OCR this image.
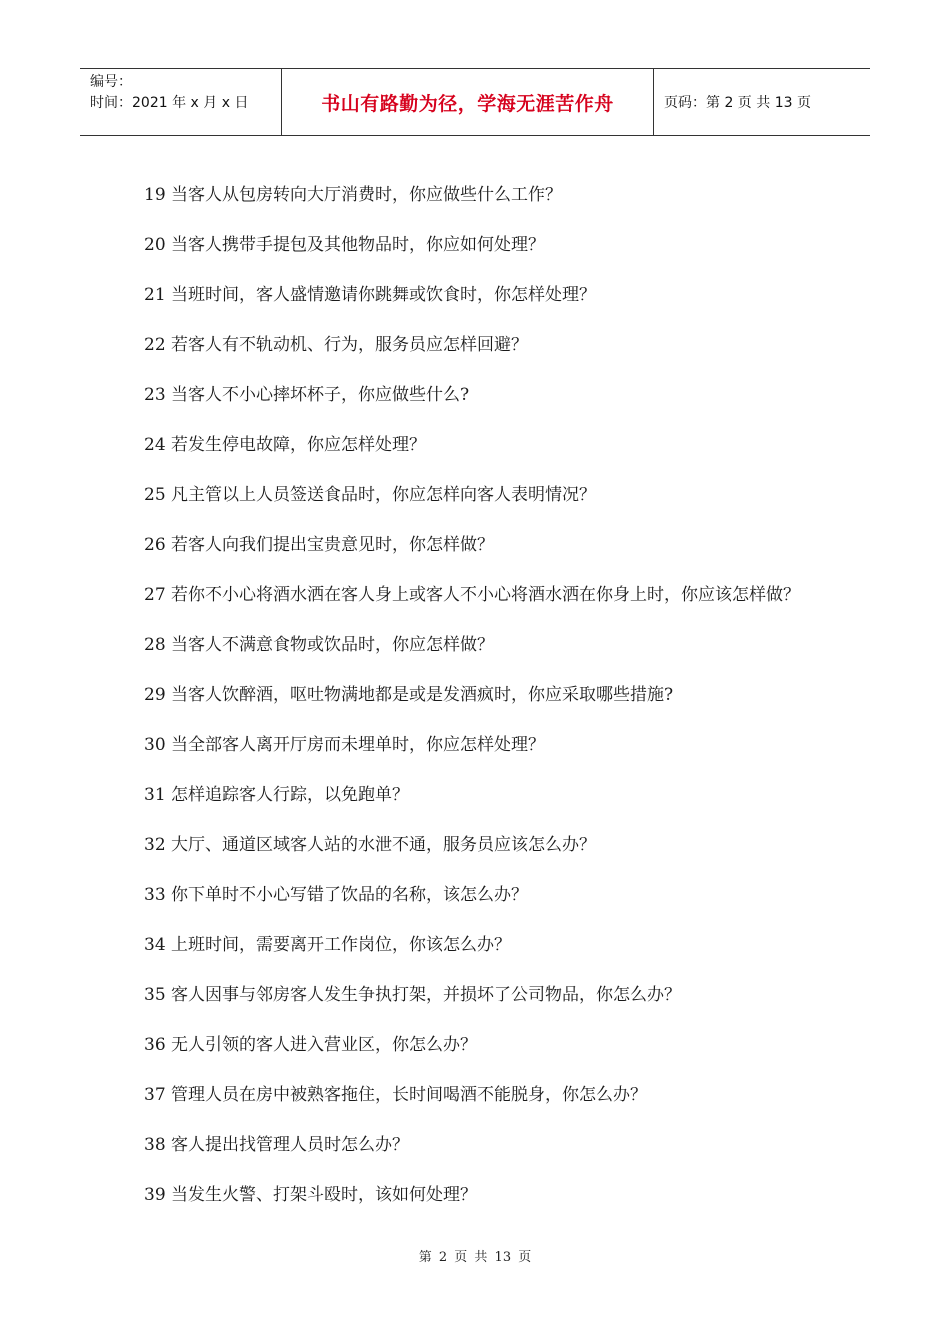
编号：
时间：2021 年 x 月 x 日	书山有路勤为径，学海无涯苦作舟	页码：第 2 页 共 13 页
19 当客人从包房转向大厅消费时，你应做些什么工作？
20 当客人携带手提包及其他物品时，你应如何处理？
21 当班时间，客人盛情邀请你跳舞或饮食时，你怎样处理？
22 若客人有不轨动机、行为，服务员应怎样回避？
23 当客人不小心摔坏杯子，你应做些什么?
24 若发生停电故障，你应怎样处理？
25 凡主管以上人员签送食品时，你应怎样向客人表明情况？
26 若客人向我们提出宝贵意见时，你怎样做？
27 若你不小心将酒水洒在客人身上或客人不小心将酒水洒在你身上时，你应该怎样做？
28 当客人不满意食物或饮品时，你应怎样做？
29 当客人饮醉酒，呕吐物满地都是或是发酒疯时，你应采取哪些措施?
30 当全部客人离开厅房而未埋单时，你应怎样处理？
31 怎样追踪客人行踪，以免跑单？
32 大厅、通道区域客人站的水泄不通，服务员应该怎么办？
33 你下单时不小心写错了饮品的名称，该怎么办？
34 上班时间，需要离开工作岗位，你该怎么办？
35 客人因事与邻房客人发生争执打架，并损坏了公司物品，你怎么办？
36 无人引领的客人进入营业区，你怎么办？
37 管理人员在房中被熟客拖住，长时间喝酒不能脱身，你怎么办？
38 客人提出找管理人员时怎么办？
39 当发生火警、打架斗殴时，该如何处理？
第 2 页 共 13 页
